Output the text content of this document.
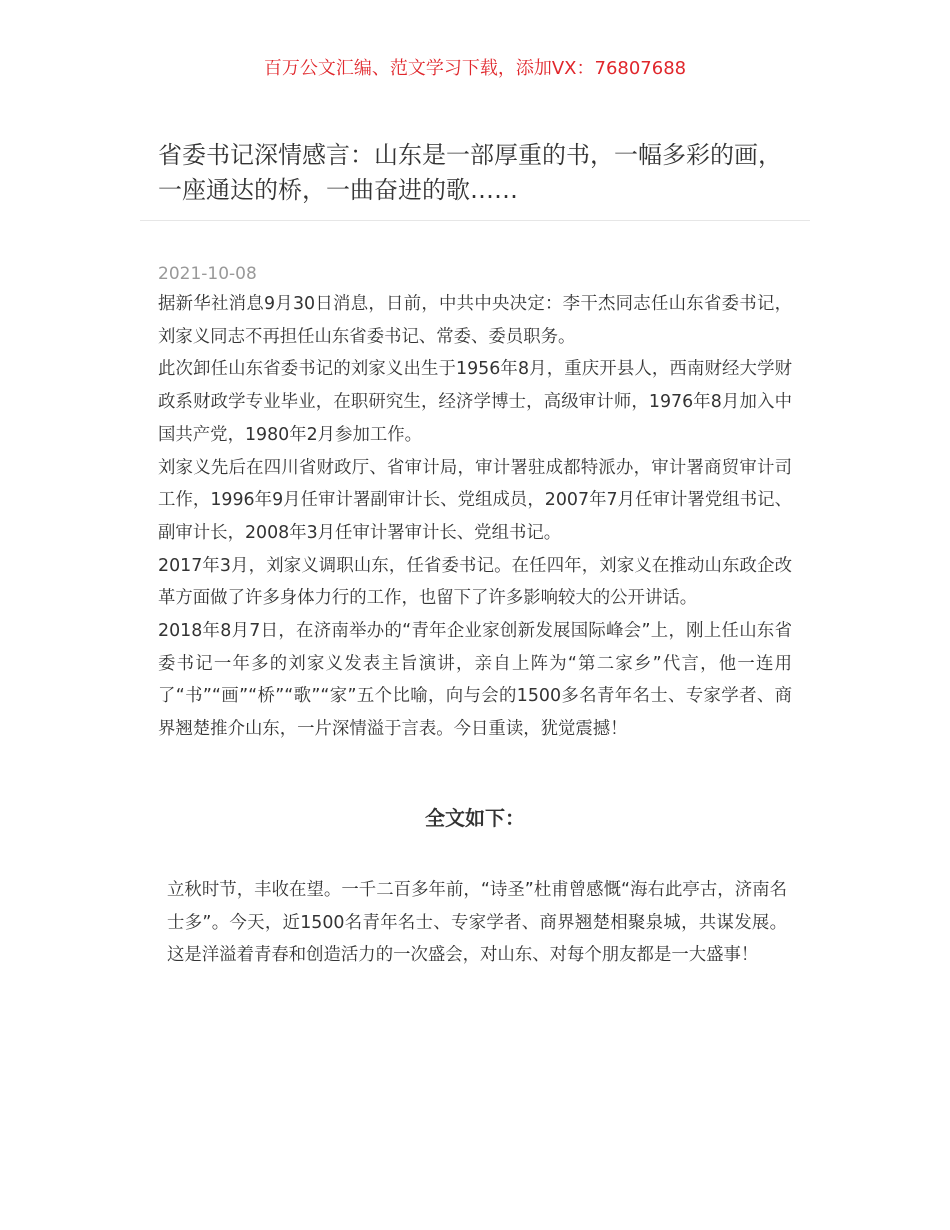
百万公文汇编、范文学习下载，添加VX：76807688
省委书记深情感言：山东是一部厚重的书，一幅多彩的画，一座通达的桥，一曲奋进的歌……
2021-10-08

据新华社消息9月30日消息，日前，中共中央决定：李干杰同志任山东省委书记，刘家义同志不再担任山东省委书记、常委、委员职务。

此次卸任山东省委书记的刘家义出生于1956年8月，重庆开县人，西南财经大学财政系财政学专业毕业，在职研究生，经济学博士，高级审计师，1976年8月加入中国共产党，1980年2月参加工作。

刘家义先后在四川省财政厅、省审计局，审计署驻成都特派办，审计署商贸审计司工作，1996年9月任审计署副审计长、党组成员，2007年7月任审计署党组书记、副审计长，2008年3月任审计署审计长、党组书记。

2017年3月，刘家义调职山东，任省委书记。在任四年，刘家义在推动山东政企改革方面做了许多身体力行的工作，也留下了许多影响较大的公开讲话。

2018年8月7日，在济南举办的“青年企业家创新发展国际峰会”上，刚上任山东省委书记一年多的刘家义发表主旨演讲，亲自上阵为“第二家乡”代言，他一连用了“书”“画”“桥”“歌”“家”五个比喻，向与会的1500多名青年名士、专家学者、商界翘楚推介山东，一片深情溢于言表。今日重读，犹觉震撼！

全文如下：

立秋时节，丰收在望。一千二百多年前，“诗圣”杜甫曾感慨“海右此亭古，济南名士多”。今天，近1500名青年名士、专家学者、商界翘楚相聚泉城，共谋发展。这是洋溢着青春和创造活力的一次盛会，对山东、对每个朋友都是一大盛事！
